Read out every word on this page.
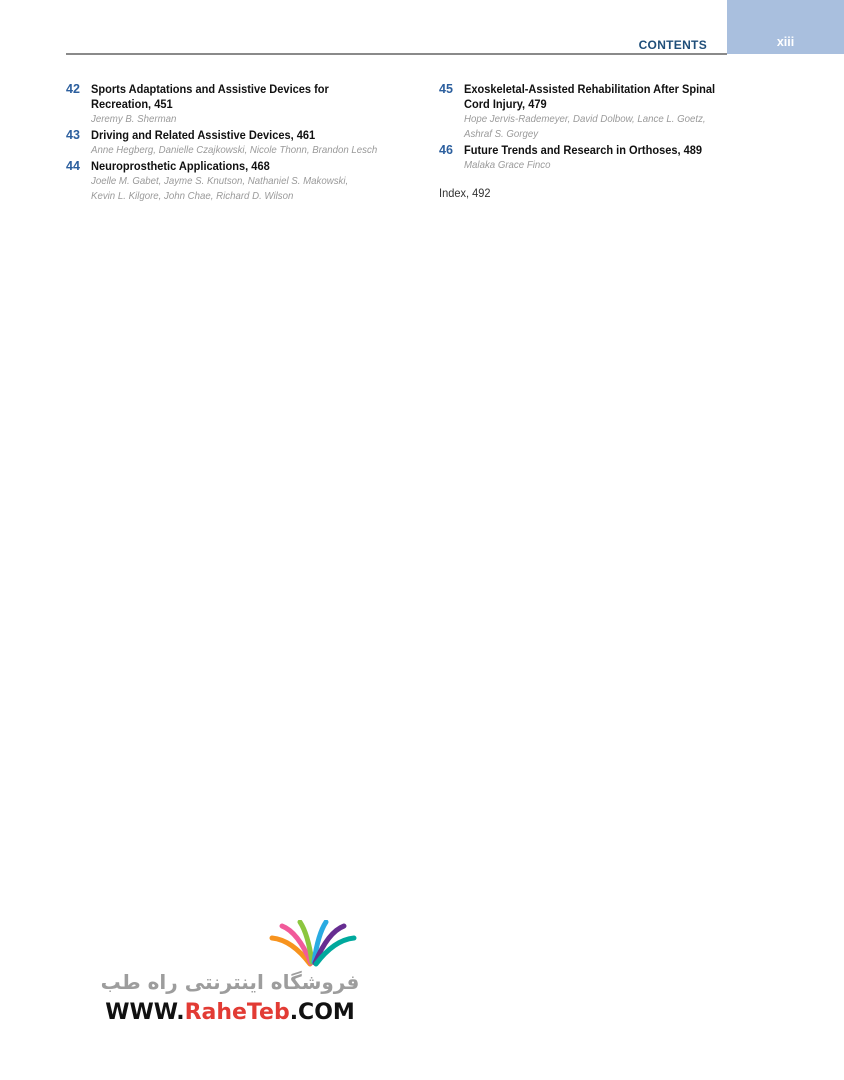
xiii
CONTENTS
42 Sports Adaptations and Assistive Devices for
Recreation, 451
Jeremy B. Sherman
43 Driving and Related Assistive Devices, 461
Anne Hegberg, Danielle Czajkowski, Nicole Thonn, Brandon Lesch
44 Neuroprosthetic Applications, 468
Joelle M. Gabet, Jayme S. Knutson, Nathaniel S. Makowski,
Kevin L. Kilgore, John Chae, Richard D. Wilson
45 Exoskeletal-Assisted Rehabilitation After Spinal
Cord Injury, 479
Hope Jervis-Rademeyer, David Dolbow, Lance L. Goetz,
Ashraf S. Gorgey
46 Future Trends and Research in Orthoses, 489
Malaka Grace Finco
Index, 492
فروشگاه اینترنتی راه طب
WWW.RaheTeb.COM
